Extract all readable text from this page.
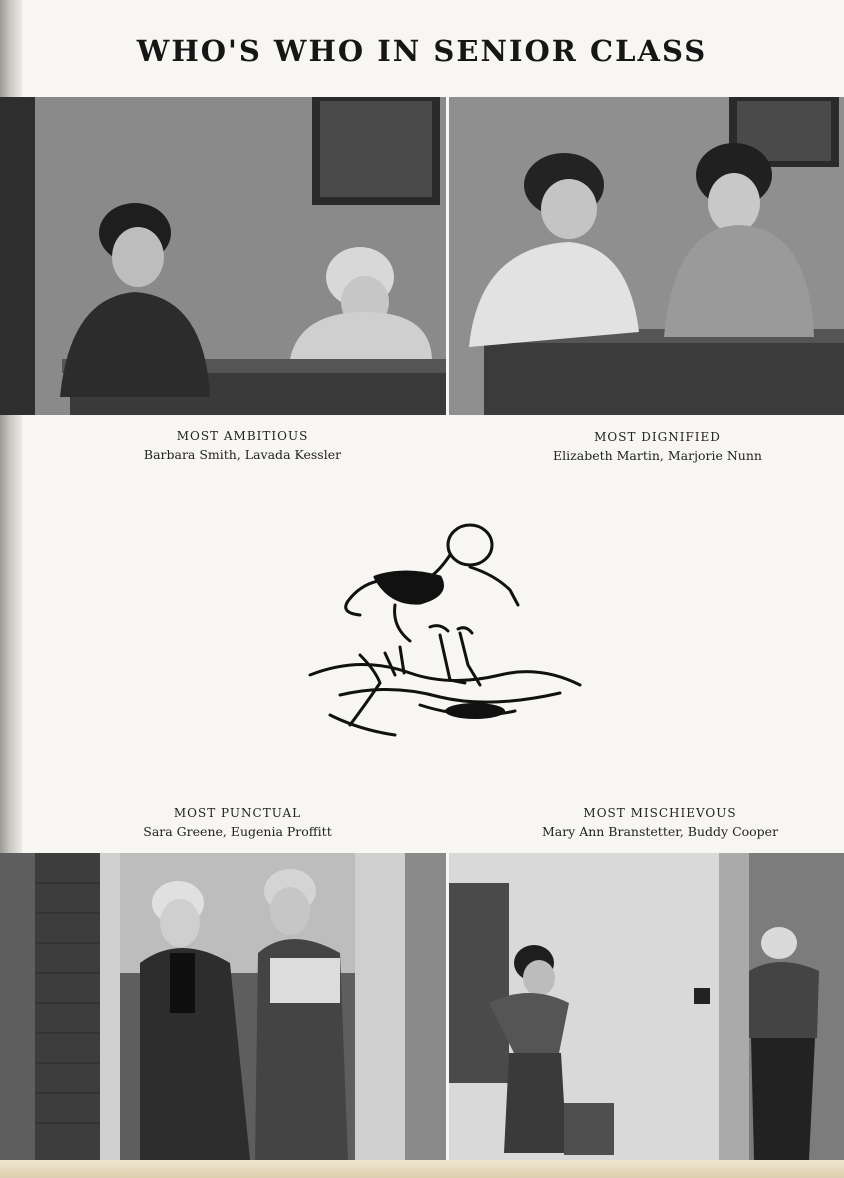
WHO'S WHO IN SENIOR CLASS
MOST AMBITIOUS
Barbara Smith, Lavada Kessler
MOST DIGNIFIED
Elizabeth Martin, Marjorie Nunn
MOST PUNCTUAL
Sara Greene, Eugenia Proffitt
MOST MISCHIEVOUS
Mary Ann Branstetter, Buddy Cooper
